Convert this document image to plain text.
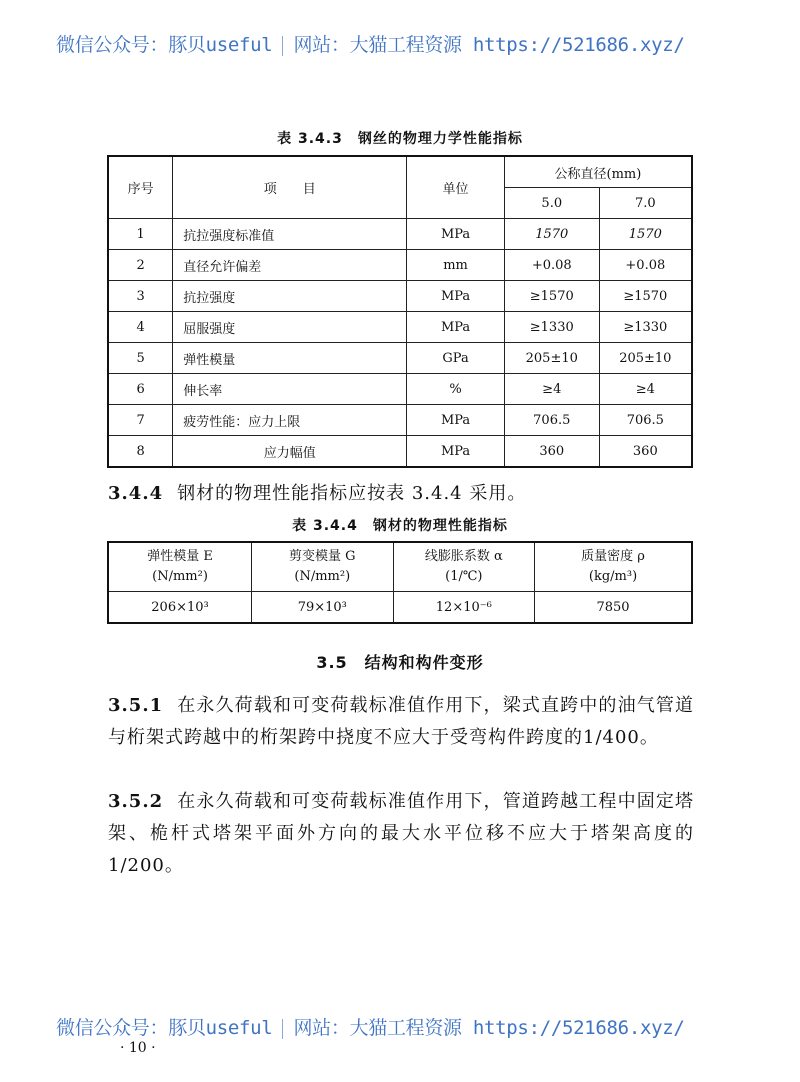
微信公众号：豚贝useful 网站：大猫工程资源 https://521686.xyz/
表 3.4.3　钢丝的物理力学性能指标
序号	项　　目	单位	公称直径(mm)	
			5.0	7.0
1	抗拉强度标准值	MPa	1570	1570
2	直径允许偏差	mm	+0.08	+0.08
3	抗拉强度	MPa	≥1570	≥1570
4	屈服强度	MPa	≥1330	≥1330
5	弹性模量	GPa	205±10	205±10
6	伸长率	%	≥4	≥4
7	疲劳性能：应力上限	MPa	706.5	706.5
8	应力幅值	MPa	360	360
3.4.4 钢材的物理性能指标应按表 3.4.4 采用。
表 3.4.4　钢材的物理性能指标
弹性模量 E
(N/mm²)	剪变模量 G
(N/mm²)	线膨胀系数 α
(1/℃)	质量密度 ρ
(kg/m³)
206×10³	79×10³	12×10⁻⁶	7850
3.5　结构和构件变形
3.5.1 在永久荷载和可变荷载标准值作用下，梁式直跨中的油气管道与桁架式跨越中的桁架跨中挠度不应大于受弯构件跨度的1/400。
3.5.2 在永久荷载和可变荷载标准值作用下，管道跨越工程中固定塔架、桅杆式塔架平面外方向的最大水平位移不应大于塔架高度的 1/200。
微信公众号：豚贝useful 网站：大猫工程资源 https://521686.xyz/
· 10 ·
